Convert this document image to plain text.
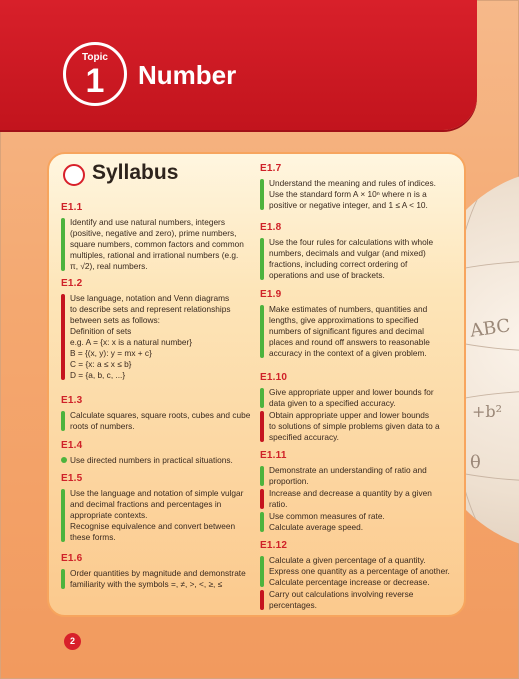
ABC
+b²
θ
Topic
1	Number
Syllabus
E1.1
Identify and use natural numbers, integers
(positive, negative and zero), prime numbers,
square numbers, common factors and common
multiples, rational and irrational numbers (e.g.
π, √2), real numbers.
E1.2
Use language, notation and Venn diagrams
to describe sets and represent relationships
between sets as follows:
Definition of sets
e.g. A = {x: x is a natural number}
B = {(x, y): y = mx + c}
C = {x: a ≤ x ≤ b}
D = {a, b, c, ...}
E1.3
Calculate squares, square roots, cubes and cube
roots of numbers.
E1.4
Use directed numbers in practical situations.
E1.5
Use the language and notation of simple vulgar
and decimal fractions and percentages in
appropriate contexts.
Recognise equivalence and convert between
these forms.
E1.6
Order quantities by magnitude and demonstrate
familiarity with the symbols =, ≠, >, <, ≥, ≤
E1.7
Understand the meaning and rules of indices.
Use the standard form A × 10ⁿ where n is a
positive or negative integer, and 1 ≤ A < 10.
E1.8
Use the four rules for calculations with whole
numbers, decimals and vulgar (and mixed)
fractions, including correct ordering of
operations and use of brackets.
E1.9
Make estimates of numbers, quantities and
lengths, give approximations to specified
numbers of significant figures and decimal
places and round off answers to reasonable
accuracy in the context of a given problem.
E1.10
Give appropriate upper and lower bounds for
data given to a specified accuracy.
Obtain appropriate upper and lower bounds
to solutions of simple problems given data to a
specified accuracy.
E1.11
Demonstrate an understanding of ratio and
proportion.
Increase and decrease a quantity by a given
ratio.
Use common measures of rate.
Calculate average speed.
E1.12
Calculate a given percentage of a quantity.
Express one quantity as a percentage of another.
Calculate percentage increase or decrease.
Carry out calculations involving reverse
percentages.
2
